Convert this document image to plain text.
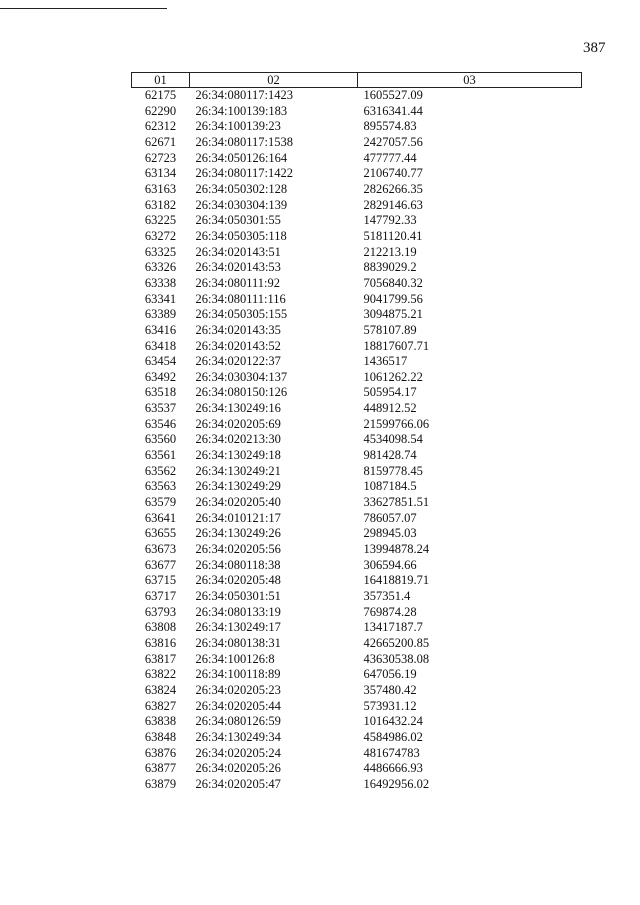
387
01	02	03
62175	26:34:080117:1423	1605527.09
62290	26:34:100139:183	6316341.44
62312	26:34:100139:23	895574.83
62671	26:34:080117:1538	2427057.56
62723	26:34:050126:164	477777.44
63134	26:34:080117:1422	2106740.77
63163	26:34:050302:128	2826266.35
63182	26:34:030304:139	2829146.63
63225	26:34:050301:55	147792.33
63272	26:34:050305:118	5181120.41
63325	26:34:020143:51	212213.19
63326	26:34:020143:53	8839029.2
63338	26:34:080111:92	7056840.32
63341	26:34:080111:116	9041799.56
63389	26:34:050305:155	3094875.21
63416	26:34:020143:35	578107.89
63418	26:34:020143:52	18817607.71
63454	26:34:020122:37	1436517
63492	26:34:030304:137	1061262.22
63518	26:34:080150:126	505954.17
63537	26:34:130249:16	448912.52
63546	26:34:020205:69	21599766.06
63560	26:34:020213:30	4534098.54
63561	26:34:130249:18	981428.74
63562	26:34:130249:21	8159778.45
63563	26:34:130249:29	1087184.5
63579	26:34:020205:40	33627851.51
63641	26:34:010121:17	786057.07
63655	26:34:130249:26	298945.03
63673	26:34:020205:56	13994878.24
63677	26:34:080118:38	306594.66
63715	26:34:020205:48	16418819.71
63717	26:34:050301:51	357351.4
63793	26:34:080133:19	769874.28
63808	26:34:130249:17	13417187.7
63816	26:34:080138:31	42665200.85
63817	26:34:100126:8	43630538.08
63822	26:34:100118:89	647056.19
63824	26:34:020205:23	357480.42
63827	26:34:020205:44	573931.12
63838	26:34:080126:59	1016432.24
63848	26:34:130249:34	4584986.02
63876	26:34:020205:24	481674783
63877	26:34:020205:26	4486666.93
63879	26:34:020205:47	16492956.02
